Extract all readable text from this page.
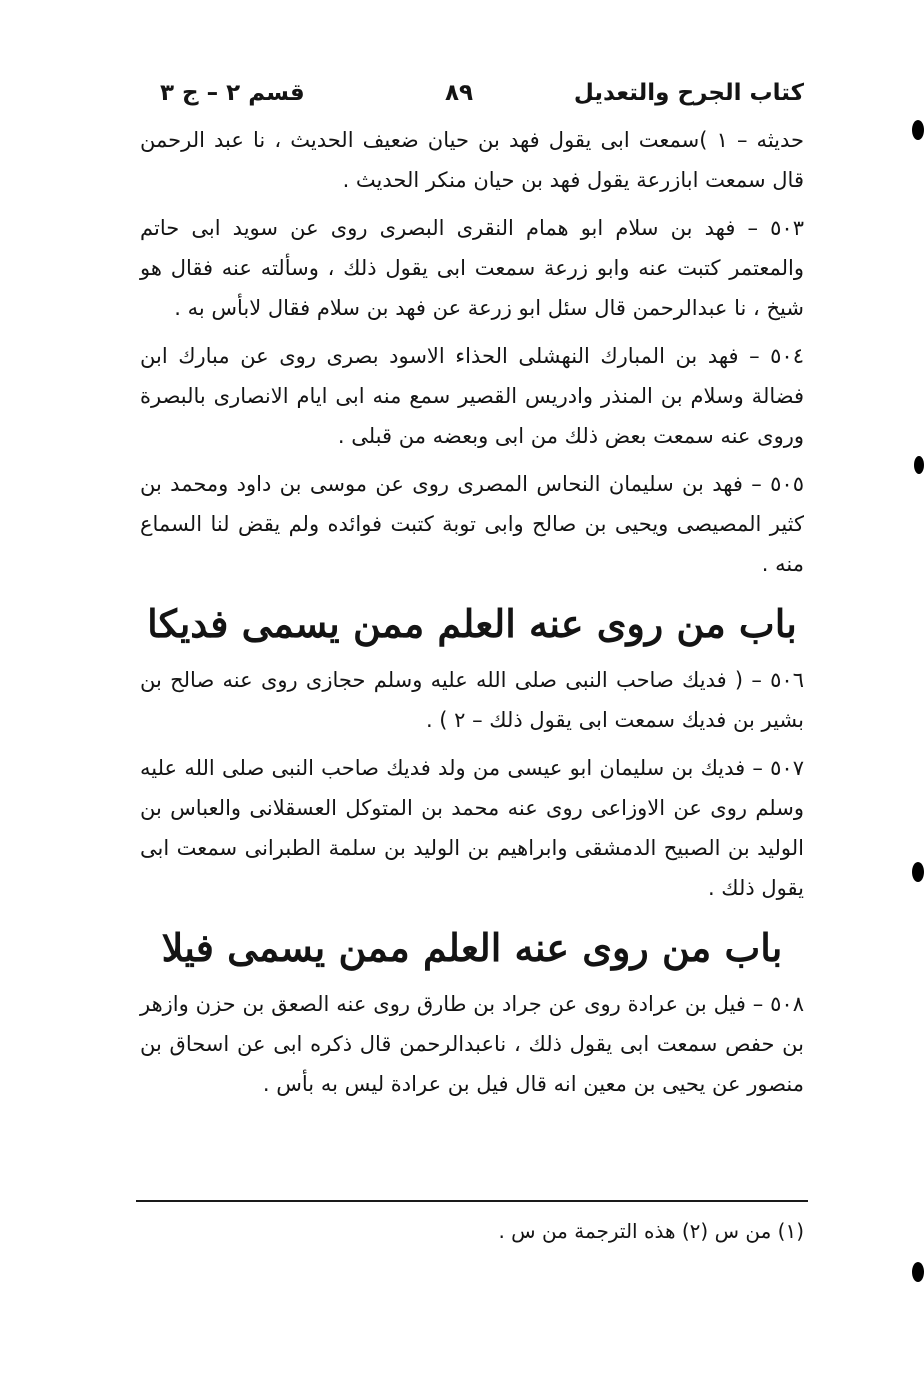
كتاب الجرح والتعديل
٨٩
قسم ٢ – ج ٣

حديثه – ١ )سمعت ابى يقول فهد بن حيان ضعيف الحديث ، نا عبد الرحمن قال سمعت ابازرعة يقول فهد بن حيان منكر الحديث .

٥٠٣ – فهد بن سلام ابو همام النقرى البصرى روى عن سويد ابى حاتم والمعتمر كتبت عنه وابو زرعة سمعت ابى يقول ذلك ، وسألته عنه فقال هو شيخ ، نا عبدالرحمن قال سئل ابو زرعة عن فهد بن سلام فقال لابأس به .

٥٠٤ – فهد بن المبارك النهشلى الحذاء الاسود بصرى روى عن مبارك ابن فضالة وسلام بن المنذر وادريس القصير سمع منه ابى ايام الانصارى بالبصرة وروى عنه سمعت بعض ذلك من ابى وبعضه من قبلى .

٥٠٥ – فهد بن سليمان النحاس المصرى روى عن موسى بن داود ومحمد بن كثير المصيصى ويحيى بن صالح وابى توبة كتبت فوائده ولم يقض لنا السماع منه .

باب من روى عنه العلم ممن يسمى فديكا

٥٠٦ – ( فديك صاحب النبى صلى الله عليه وسلم حجازى روى عنه صالح بن بشير بن فديك سمعت ابى يقول ذلك – ٢ ) .

٥٠٧ – فديك بن سليمان ابو عيسى من ولد فديك صاحب النبى صلى الله عليه وسلم روى عن الاوزاعى روى عنه محمد بن المتوكل العسقلانى والعباس بن الوليد بن الصبيح الدمشقى وابراهيم بن الوليد بن سلمة الطبرانى سمعت ابى يقول ذلك .

باب من روى عنه العلم ممن يسمى فيلا

٥٠٨ – فيل بن عرادة روى عن جراد بن طارق روى عنه الصعق بن حزن وازهر بن حفص سمعت ابى يقول ذلك ، ناعبدالرحمن قال ذكره ابى عن اسحاق بن منصور عن يحيى بن معين انه قال فيل بن عرادة ليس به بأس .

(١) من س (٢) هذه الترجمة من س .
